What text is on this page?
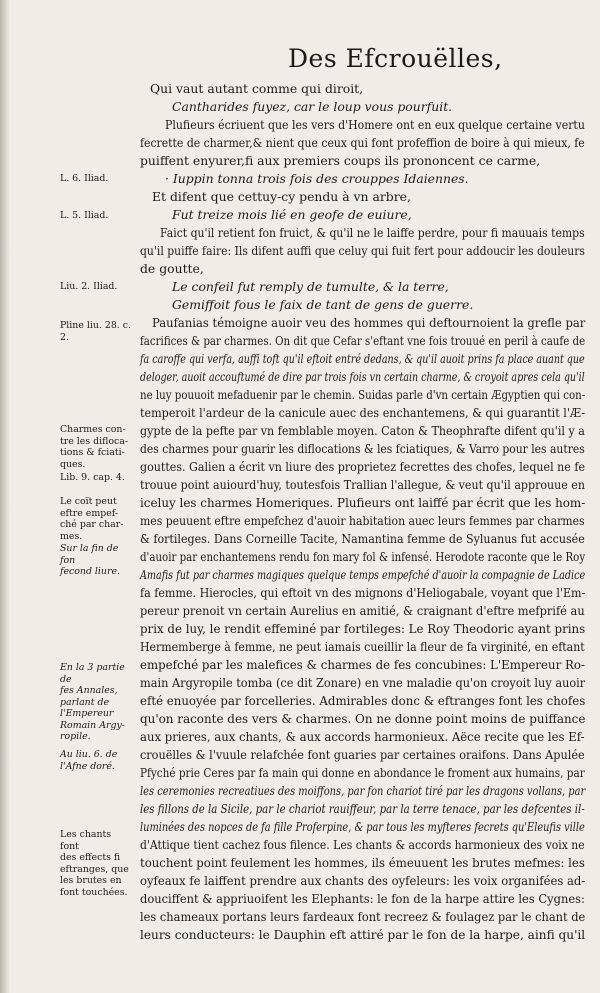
Des Efcrouëlles,
Qui vaut autant comme qui diroit,
Cantharides fuyez, car le loup vous pourfuit.
Plufieurs écriuent que les vers d'Homere ont en eux quelque certaine vertu
fecrette de charmer,& nient que ceux qui font profeffion de boire à qui mieux, fe
puiffent enyurer,fi aux premiers coups ils prononcent ce carme,
· Iuppin tonna trois fois des crouppes Idaiennes.
Et difent que cettuy-cy pendu à vn arbre,
Fut treize mois lié en geofe de euiure,
Faict qu'il retient fon fruict, & qu'il ne le laiffe perdre, pour fi mauuais temps
qu'il puiffe faire: Ils difent auffi que celuy qui fuit fert pour addoucir les douleurs
de goutte,
Le confeil fut remply de tumulte, & la terre,
Gemiffoit fous le faix de tant de gens de guerre.
Paufanias témoigne auoir veu des hommes qui deftournoient la grefle par
facrifices & par charmes. On dit que Cefar s'eftant vne fois trouué en peril à caufe de
fa caroffe qui verfa, auffi toft qu'il eftoit entré dedans, & qu'il auoit prins fa place auant que
deloger, auoit accouftumé de dire par trois fois vn certain charme, & croyoit apres cela qu'il
ne luy pouuoit mefaduenir par le chemin. Suidas parle d'vn certain Ægyptien qui con-
temperoit l'ardeur de la canicule auec des enchantemens, & qui guarantit l'Æ-
gypte de la pefte par vn femblable moyen. Caton & Theophrafte difent qu'il y a
des charmes pour guarir les diflocations & les fciatiques, & Varro pour les autres
gouttes. Galien a écrit vn liure des proprietez fecrettes des chofes, lequel ne fe
trouue point auiourd'huy, toutesfois Trallian l'allegue, & veut qu'il approuue en
iceluy les charmes Homeriques. Plufieurs ont laiffé par écrit que les hom-
mes peuuent eftre empefchez d'auoir habitation auec leurs femmes par charmes
& fortileges. Dans Corneille Tacite, Namantina femme de Syluanus fut accusée
d'auoir par enchantemens rendu fon mary fol & infensé. Herodote raconte que le Roy
Amafis fut par charmes magiques quelque temps empefché d'auoir la compagnie de Ladice
fa femme. Hierocles, qui eftoit vn des mignons d'Heliogabale, voyant que l'Em-
pereur prenoit vn certain Aurelius en amitié, & craignant d'eftre mefprifé au
prix de luy, le rendit effeminé par fortileges: Le Roy Theodoric ayant prins
Hermemberge à femme, ne peut iamais cueillir la fleur de fa virginité, en eftant
empefché par les malefices & charmes de fes concubines: L'Empereur Ro-
main Argyropile tomba (ce dit Zonare) en vne maladie qu'on croyoit luy auoir
efté enuoyée par forcelleries. Admirables donc & eftranges font les chofes
qu'on raconte des vers & charmes. On ne donne point moins de puiffance
aux prieres, aux chants, & aux accords harmonieux. Aëce recite que les Ef-
crouëlles & l'vuule relafchée font guaries par certaines oraifons. Dans Apulée
Pfyché prie Ceres par fa main qui donne en abondance le froment aux humains, par
les ceremonies recreatiues des moiffons, par fon chariot tiré par les dragons vollans, par
les fillons de la Sicile, par le chariot rauiffeur, par la terre tenace, par les defcentes il-
luminées des nopces de fa fille Proferpine, & par tous les myfteres fecrets qu'Eleufis ville
d'Attique tient cachez fous filence. Les chants & accords harmonieux des voix ne
touchent point feulement les hommes, ils émeuuent les brutes mefmes: les
oyfeaux fe laiffent prendre aux chants des oyfeleurs: les voix organifées ad-
douciffent & appriuoifent les Elephants: le fon de la harpe attire les Cygnes:
les chameaux portans leurs fardeaux font recreez & foulagez par le chant de
leurs conducteurs: le Dauphin eft attiré par le fon de la harpe, ainfi qu'il
L. 6. Iliad.
L. 5. Iliad.
Liu. 2. Iliad.
Pline liu. 28. c.
2.
Charmes con-
tre les difloca-
tions & fciati-
ques.
Lib. 9. cap. 4.
Le coït peut
eftre empef-
ché par char-
mes.
Sur la fin de fon
fecond liure.
En la 3 partie de
fes Annales,
parlant de
l'Empereur
Romain Argy-
ropile.
Au liu. 6. de
l'Afne doré.
Les chants font
des effects fi
eftranges, que
les brutes en
font touchées.
